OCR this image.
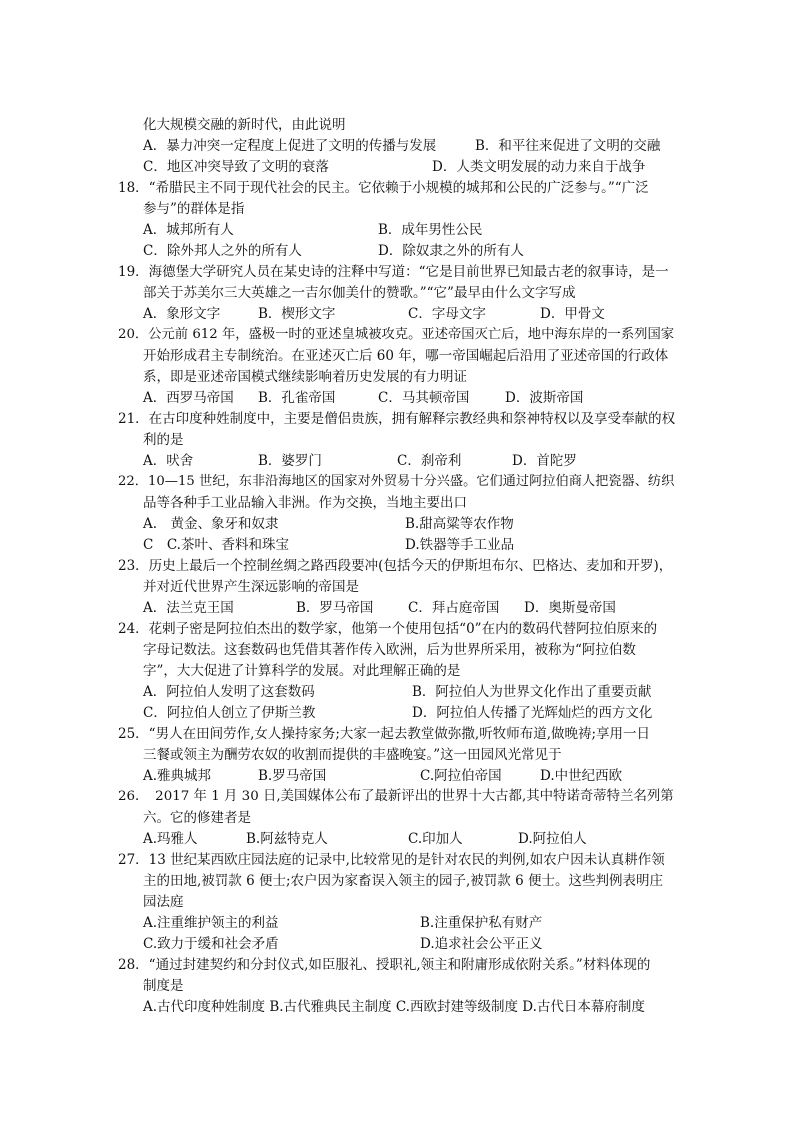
化大规模交融的新时代，由此说明
A．暴力冲突一定程度上促进了文明的传播与发展	B．和平往来促进了文明的交融
C．地区冲突导致了文明的衰落	D．人类文明发展的动力来自于战争
18．“希腊民主不同于现代社会的民主。它依赖于小规模的城邦和公民的广泛参与。”“广泛
参与”的群体是指
A．城邦所有人	B．成年男性公民
C．除外邦人之外的所有人	D．除奴隶之外的所有人
19．海德堡大学研究人员在某史诗的注释中写道：“它是目前世界已知最古老的叙事诗，是一
部关于苏美尔三大英雄之一吉尔伽美什的赞歌。”“它”最早由什么文字写成
A．象形文字	B．楔形文字	C．字母文字	D．甲骨文
20．公元前 612 年，盛极一时的亚述皇城被攻克。亚述帝国灭亡后，地中海东岸的一系列国家
开始形成君主专制统治。在亚述灭亡后 60 年，哪一帝国崛起后沿用了亚述帝国的行政体
系，即是亚述帝国模式继续影响着历史发展的有力明证
A．西罗马帝国 B．孔雀帝国	C．马其顿帝国	D．波斯帝国
21．在古印度种姓制度中，主要是僧侣贵族，拥有解释宗教经典和祭神特权以及享受奉献的权
利的是
A．吠舍	B．婆罗门	C．刹帝利	D．首陀罗
22．10—15 世纪，东非沿海地区的国家对外贸易十分兴盛。它们通过阿拉伯商人把瓷器、纺织
品等各种手工业品输入非洲。作为交换，当地主要出口
A.　黄金、象牙和奴隶	B.甜高粱等农作物
C　C.茶叶、香料和珠宝	D.铁器等手工业品
23．历史上最后一个控制丝绸之路西段要冲(包括今天的伊斯坦布尔、巴格达、麦加和开罗)，
并对近代世界产生深远影响的帝国是
A．法兰克王国	B．罗马帝国	C．拜占庭帝国 D．奥斯曼帝国
24．花剌子密是阿拉伯杰出的数学家，他第一个使用包括“0”在内的数码代替阿拉伯原来的
字母记数法。这套数码也凭借其著作传入欧洲，后为世界所采用，被称为“阿拉伯数
字”，大大促进了计算科学的发展。对此理解正确的是
A．阿拉伯人发明了这套数码	B．阿拉伯人为世界文化作出了重要贡献
C．阿拉伯人创立了伊斯兰教	D．阿拉伯人传播了光辉灿烂的西方文化
25．“男人在田间劳作,女人操持家务;大家一起去教堂做弥撒,听牧师布道,做晚祷;享用一日
三餐或领主为酬劳农奴的收割而提供的丰盛晚宴。”这一田园风光常见于
A.雅典城邦	B.罗马帝国	C.阿拉伯帝国	D.中世纪西欧
26．　2017 年 1 月 30 日,美国媒体公布了最新评出的世界十大古都,其中特诺奇蒂特兰名列第
六。它的修建者是
A.玛雅人	B.阿兹特克人	C.印加人	D.阿拉伯人
27．13 世纪某西欧庄园法庭的记录中,比较常见的是针对农民的判例,如农户因未认真耕作领
主的田地,被罚款 6 便士;农户因为家畜误入领主的园子,被罚款 6 便士。这些判例表明庄
园法庭
A.注重维护领主的利益	B.注重保护私有财产
C.致力于缓和社会矛盾	D.追求社会公平正义
28．“通过封建契约和分封仪式,如臣服礼、授职礼,领主和附庸形成依附关系。”材料体现的
制度是
A.古代印度种姓制度 B.古代雅典民主制度 C.西欧封建等级制度 D.古代日本幕府制度
